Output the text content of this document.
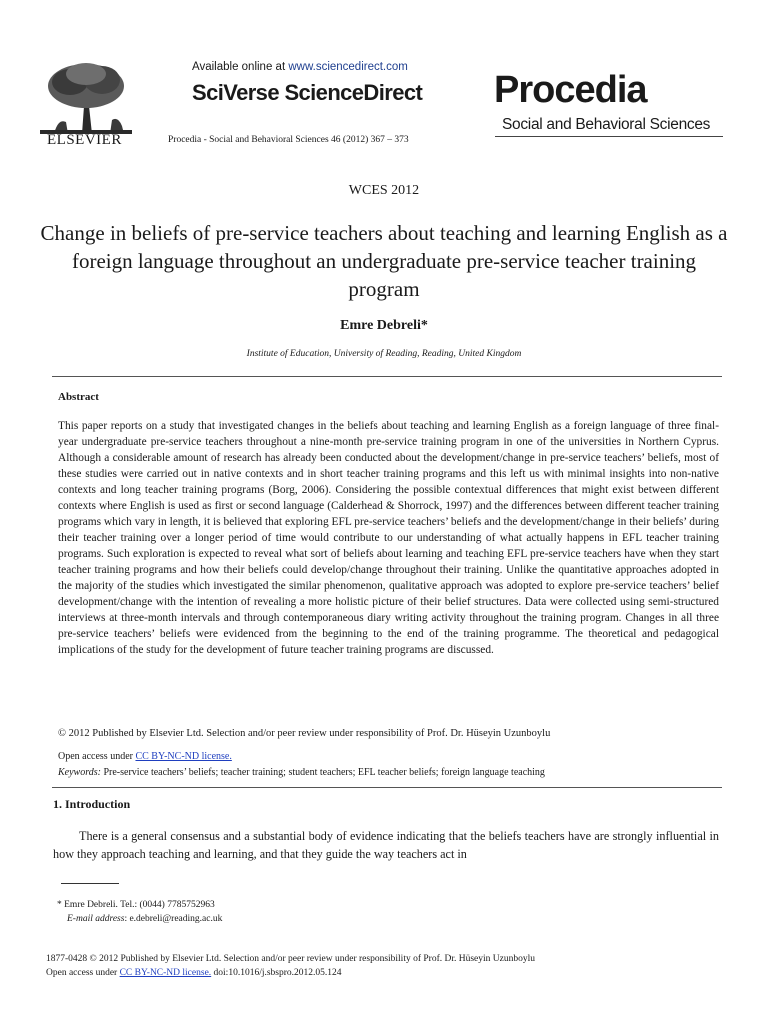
ELSEVIER
Available online at www.sciencedirect.com
SciVerse ScienceDirect
Procedia - Social and Behavioral Sciences 46 (2012) 367 – 373
Procedia
Social and Behavioral Sciences
WCES 2012
Change in beliefs of pre-service teachers about teaching and learning English as a foreign language throughout an undergraduate pre-service teacher training program
Emre Debreli*
Institute of Education, University of Reading, Reading, United Kingdom
Abstract
This paper reports on a study that investigated changes in the beliefs about teaching and learning English as a foreign language of three final-year undergraduate pre-service teachers throughout a nine-month pre-service training program in one of the universities in Northern Cyprus. Although a considerable amount of research has already been conducted about the development/change in pre-service teachers’ beliefs, most of these studies were carried out in native contexts and in short teacher training programs and this left us with minimal insights into non-native contexts and long teacher training programs (Borg, 2006). Considering the possible contextual differences that might exist between different contexts where English is used as first or second language (Calderhead & Shorrock, 1997) and the differences between different teacher training programs which vary in length, it is believed that exploring EFL pre-service teachers’ beliefs and the development/change in their beliefs’ during their teacher training over a longer period of time would contribute to our understanding of what actually happens in EFL teacher training programs. Such exploration is expected to reveal what sort of beliefs about learning and teaching EFL pre-service teachers have when they start teacher training programs and how their beliefs could develop/change throughout their training. Unlike the quantitative approaches adopted in the majority of the studies which investigated the similar phenomenon, qualitative approach was adopted to explore pre-service teachers’ belief development/change with the intention of revealing a more holistic picture of their belief structures. Data were collected using semi-structured interviews at three-month intervals and through contemporaneous diary writing activity throughout the training program. Changes in all three pre-service teachers’ beliefs were evidenced from the beginning to the end of the training programme. The theoretical and pedagogical implications of the study for the development of future teacher training programs are discussed.
© 2012 Published by Elsevier Ltd. Selection and/or peer review under responsibility of Prof. Dr. Hüseyin Uzunboylu
Open access under CC BY-NC-ND license.
Keywords: Pre-service teachers’ beliefs; teacher training; student teachers; EFL teacher beliefs; foreign language teaching
1. Introduction
There is a general consensus and a substantial body of evidence indicating that the beliefs teachers have are strongly influential in how they approach teaching and learning, and that they guide the way teachers act in
* Emre Debreli. Tel.: (0044) 7785752963
E-mail address: e.debreli@reading.ac.uk
1877-0428 © 2012 Published by Elsevier Ltd. Selection and/or peer review under responsibility of Prof. Dr. Hüseyin Uzunboylu
Open access under CC BY-NC-ND license. doi:10.1016/j.sbspro.2012.05.124
